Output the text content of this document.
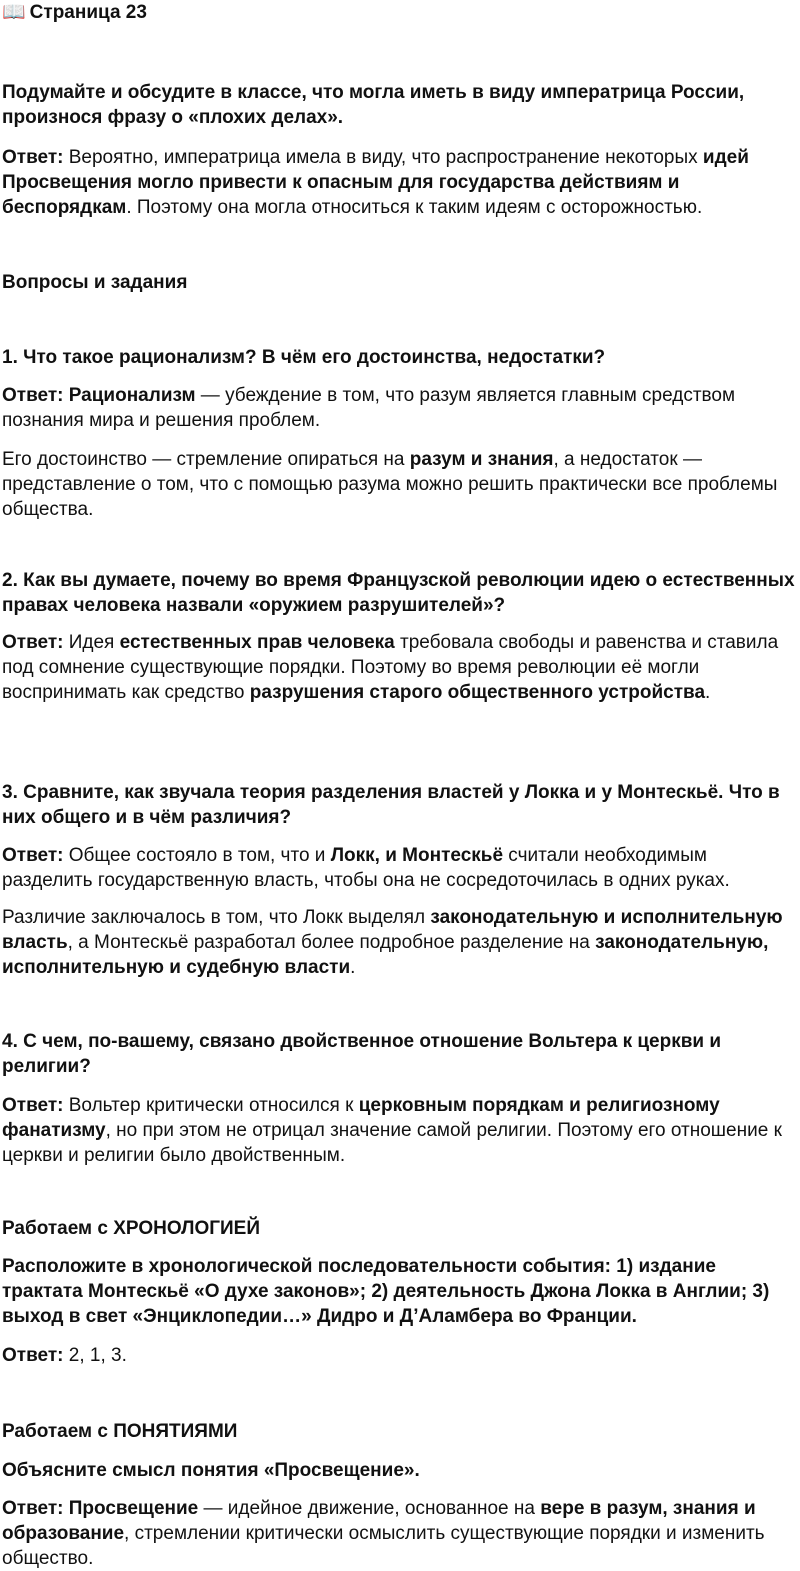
📖 Страница 23

Подумайте и обсудите в классе, что могла иметь в виду императрица России, произнося фразу о «плохих делах».

Ответ: Вероятно, императрица имела в виду, что распространение некоторых идей Просвещения могло привести к опасным для государства действиям и беспорядкам. Поэтому она могла относиться к таким идеям с осторожностью.

Вопросы и задания

1. Что такое рационализм? В чём его достоинства, недостатки?

Ответ: Рационализм — убеждение в том, что разум является главным средством познания мира и решения проблем.

Его достоинство — стремление опираться на разум и знания, а недостаток — представление о том, что с помощью разума можно решить практически все проблемы общества.

2. Как вы думаете, почему во время Французской революции идею о естественных правах человека назвали «оружием разрушителей»?

Ответ: Идея естественных прав человека требовала свободы и равенства и ставила под сомнение существующие порядки. Поэтому во время революции её могли воспринимать как средство разрушения старого общественного устройства.

3. Сравните, как звучала теория разделения властей у Локка и у Монтескьё. Что в них общего и в чём различия?

Ответ: Общее состояло в том, что и Локк, и Монтескьё считали необходимым разделить государственную власть, чтобы она не сосредоточилась в одних руках.

Различие заключалось в том, что Локк выделял законодательную и исполнительную власть, а Монтескьё разработал более подробное разделение на законодательную, исполнительную и судебную власти.

4. С чем, по-вашему, связано двойственное отношение Вольтера к церкви и религии?

Ответ: Вольтер критически относился к церковным порядкам и религиозному фанатизму, но при этом не отрицал значение самой религии. Поэтому его отношение к церкви и религии было двойственным.

Работаем с ХРОНОЛОГИЕЙ

Расположите в хронологической последовательности события: 1) издание трактата Монтескьё «О духе законов»; 2) деятельность Джона Локка в Англии; 3) выход в свет «Энциклопедии…» Дидро и Д’Аламбера во Франции.

Ответ: 2, 1, 3.

Работаем с ПОНЯТИЯМИ

Объясните смысл понятия «Просвещение».

Ответ: Просвещение — идейное движение, основанное на вере в разум, знания и образование, стремлении критически осмыслить существующие порядки и изменить общество.
